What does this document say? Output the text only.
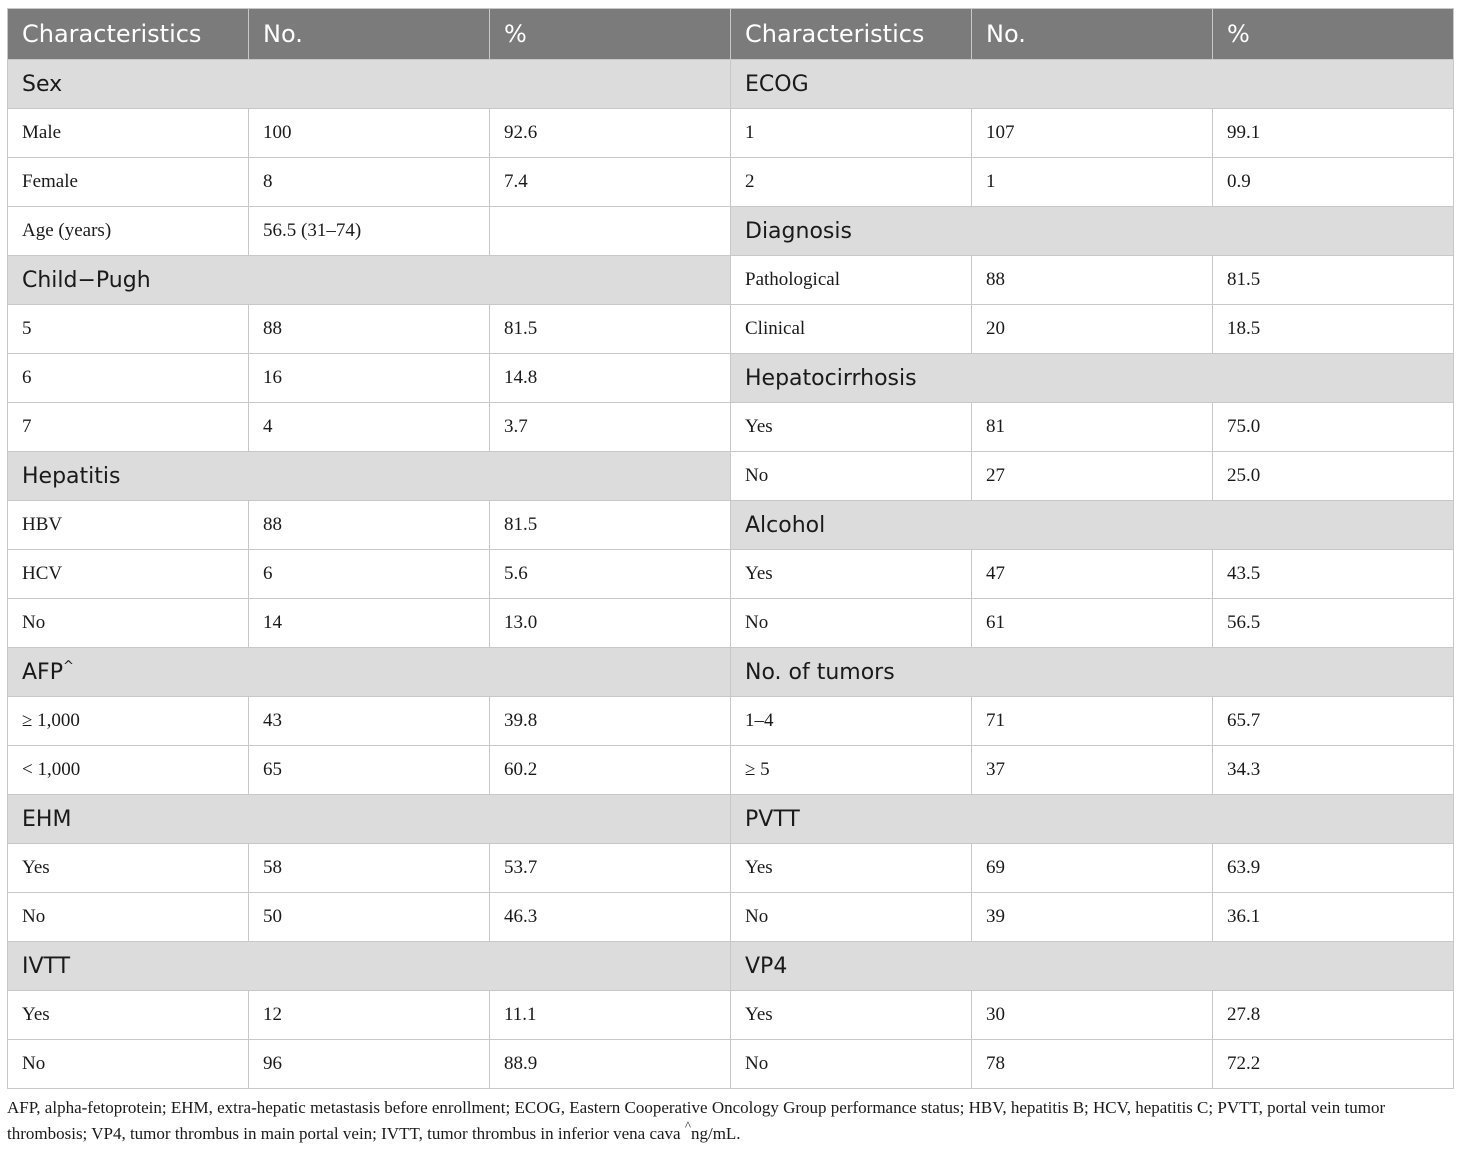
Characteristics	No.	%	Characteristics	No.	%
Sex			ECOG		
Male	100	92.6	1	107	99.1
Female	8	7.4	2	1	0.9
Age (years)	56.5 (31–74)		Diagnosis		
Child−Pugh			Pathological	88	81.5
5	88	81.5	Clinical	20	18.5
6	16	14.8	Hepatocirrhosis		
7	4	3.7	Yes	81	75.0
Hepatitis			No	27	25.0
HBV	88	81.5	Alcohol		
HCV	6	5.6	Yes	47	43.5
No	14	13.0	No	61	56.5
AFP^			No. of tumors		
≥ 1,000	43	39.8	1–4	71	65.7
< 1,000	65	60.2	≥ 5	37	34.3
EHM			PVTT		
Yes	58	53.7	Yes	69	63.9
No	50	46.3	No	39	36.1
IVTT			VP4		
Yes	12	11.1	Yes	30	27.8
No	96	88.9	No	78	72.2
AFP, alpha-fetoprotein; EHM, extra-hepatic metastasis before enrollment; ECOG, Eastern Cooperative Oncology Group performance status; HBV, hepatitis B; HCV, hepatitis C; PVTT, portal vein tumor thrombosis; VP4, tumor thrombus in main portal vein; IVTT, tumor thrombus in inferior vena cava ^ng/mL.
